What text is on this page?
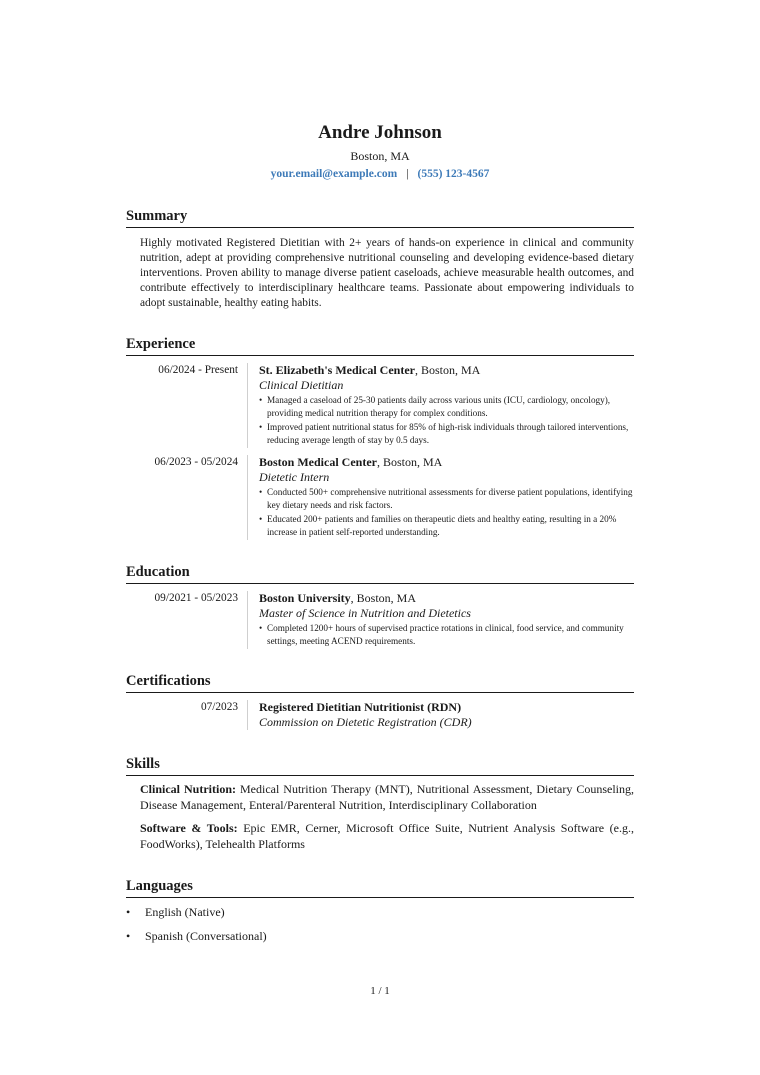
Andre Johnson
Boston, MA
your.email@example.com | (555) 123-4567
Summary
Highly motivated Registered Dietitian with 2+ years of hands-on experience in clinical and community nutrition, adept at providing comprehensive nutritional counseling and developing evidence-based dietary interventions. Proven ability to manage diverse patient caseloads, achieve measurable health outcomes, and contribute effectively to interdisciplinary healthcare teams. Passionate about empowering individuals to adopt sustainable, healthy eating habits.
Experience
06/2024 - Present St. Elizabeth's Medical Center, Boston, MA
Clinical Dietitian
• Managed a caseload of 25-30 patients daily across various units (ICU, cardiology, oncology), providing medical nutrition therapy for complex conditions.
• Improved patient nutritional status for 85% of high-risk individuals through tailored interventions, reducing average length of stay by 0.5 days.
06/2023 - 05/2024 Boston Medical Center, Boston, MA
Dietetic Intern
• Conducted 500+ comprehensive nutritional assessments for diverse patient populations, identifying key dietary needs and risk factors.
• Educated 200+ patients and families on therapeutic diets and healthy eating, resulting in a 20% increase in patient self-reported understanding.
Education
09/2021 - 05/2023 Boston University, Boston, MA
Master of Science in Nutrition and Dietetics
• Completed 1200+ hours of supervised practice rotations in clinical, food service, and community settings, meeting ACEND requirements.
Certifications
07/2023 Registered Dietitian Nutritionist (RDN)
Commission on Dietetic Registration (CDR)
Skills

Clinical Nutrition: Medical Nutrition Therapy (MNT), Nutritional Assessment, Dietary Counseling, Disease Management, Enteral/Parenteral Nutrition, Interdisciplinary Collaboration

Software & Tools: Epic EMR, Cerner, Microsoft Office Suite, Nutrient Analysis Software (e.g., FoodWorks), Telehealth Platforms

Languages
• English (Native)
• Spanish (Conversational)
1 / 1
